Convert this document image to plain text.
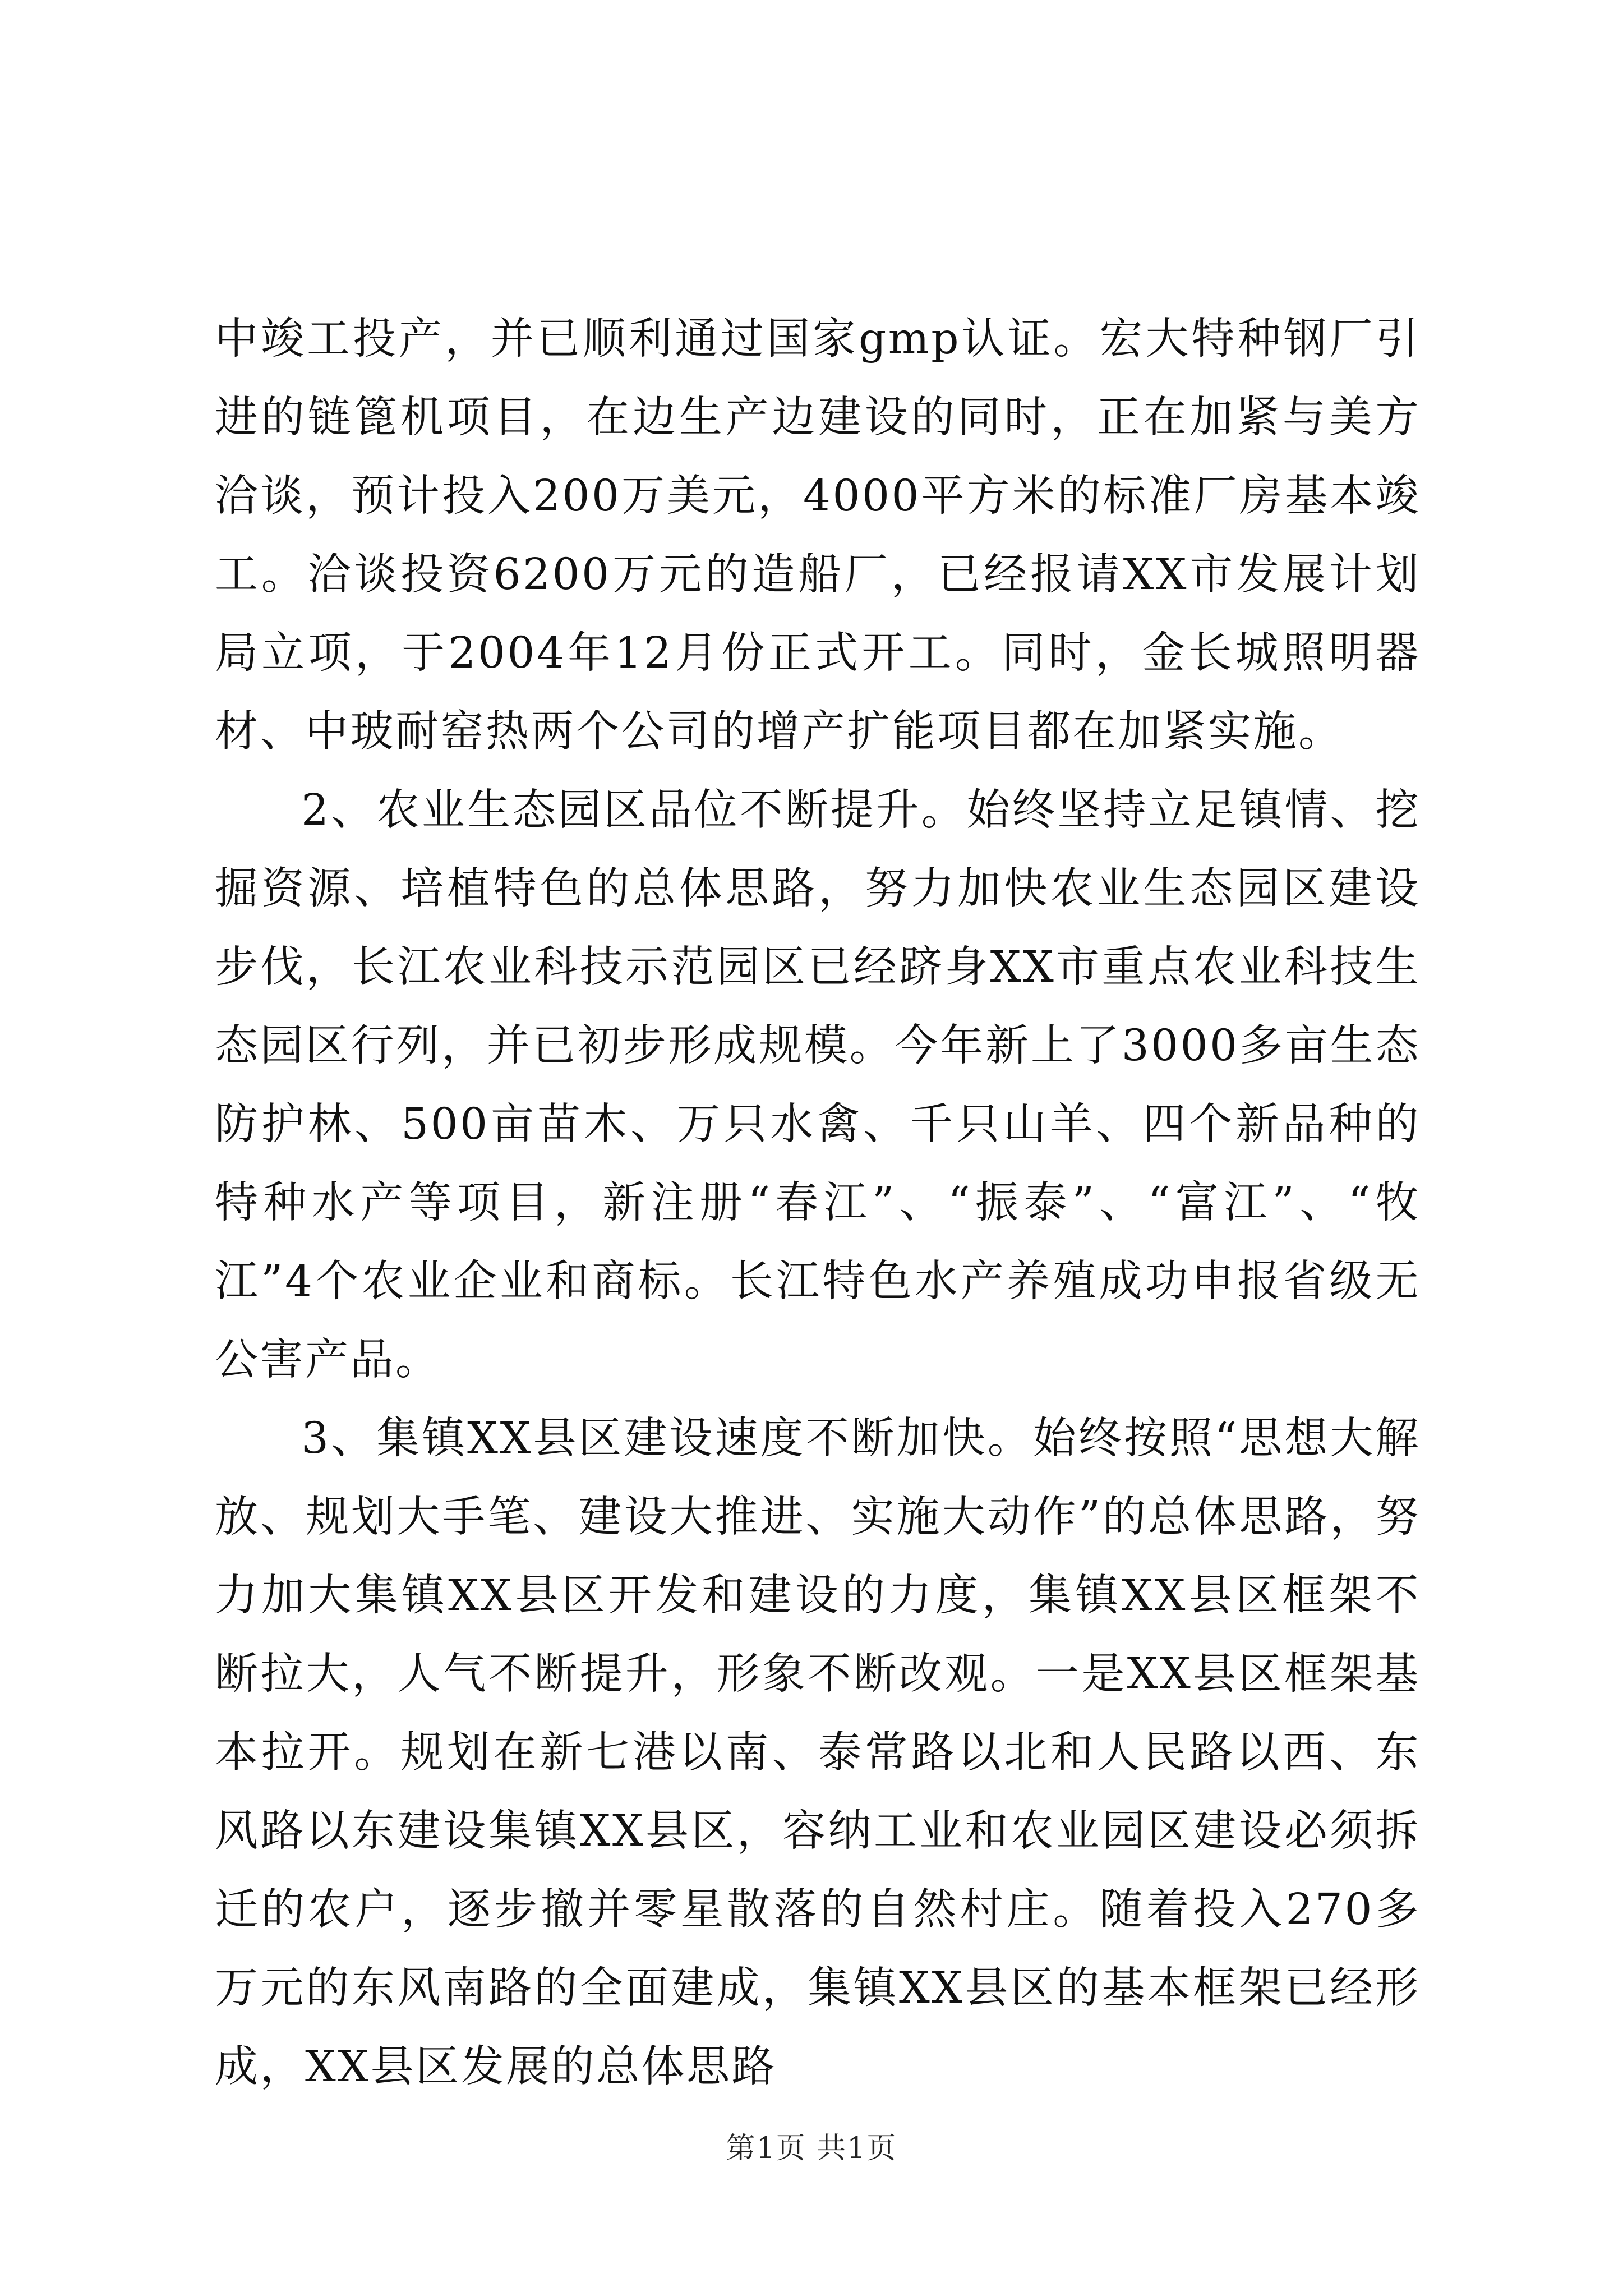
中竣工投产，并已顺利通过国家gmp认证。宏大特种钢厂引进的链篦机项目，在边生产边建设的同时，正在加紧与美方洽谈，预计投入200万美元，4000平方米的标准厂房基本竣工。洽谈投资6200万元的造船厂，已经报请XX市发展计划局立项，于2004年12月份正式开工。同时，金长城照明器材、中玻耐窑热两个公司的增产扩能项目都在加紧实施。

2、农业生态园区品位不断提升。始终坚持立足镇情、挖掘资源、培植特色的总体思路，努力加快农业生态园区建设步伐，长江农业科技示范园区已经跻身XX市重点农业科技生态园区行列，并已初步形成规模。今年新上了3000多亩生态防护林、500亩苗木、万只水禽、千只山羊、四个新品种的特种水产等项目，新注册“春江”、“振泰”、“富江”、“牧江”4个农业企业和商标。长江特色水产养殖成功申报省级无公害产品。

3、集镇XX县区建设速度不断加快。始终按照“思想大解放、规划大手笔、建设大推进、实施大动作”的总体思路，努力加大集镇XX县区开发和建设的力度，集镇XX县区框架不断拉大，人气不断提升，形象不断改观。一是XX县区框架基本拉开。规划在新七港以南、泰常路以北和人民路以西、东风路以东建设集镇XX县区，容纳工业和农业园区建设必须拆迁的农户，逐步撤并零星散落的自然村庄。随着投入270多万元的东风南路的全面建成，集镇XX县区的基本框架已经形成，XX县区发展的总体思路

第1页 共1页
